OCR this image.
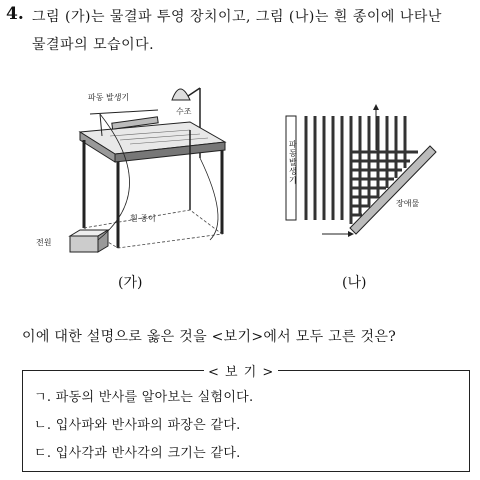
4. 그림 (가)는 물결파 투영 장치이고, 그림 (나)는 흰 종이에 나타난
물결파의 모습이다.
파동 발생기
수조
흰 종이
전원
(가)
파동발생기
장애물
(나)
이에 대한 설명으로 옳은 것을 <보기>에서 모두 고른 것은?
< 보 기 >
ㄱ. 파동의 반사를 알아보는 실험이다.
ㄴ. 입사파와 반사파의 파장은 같다.
ㄷ. 입사각과 반사각의 크기는 같다.
